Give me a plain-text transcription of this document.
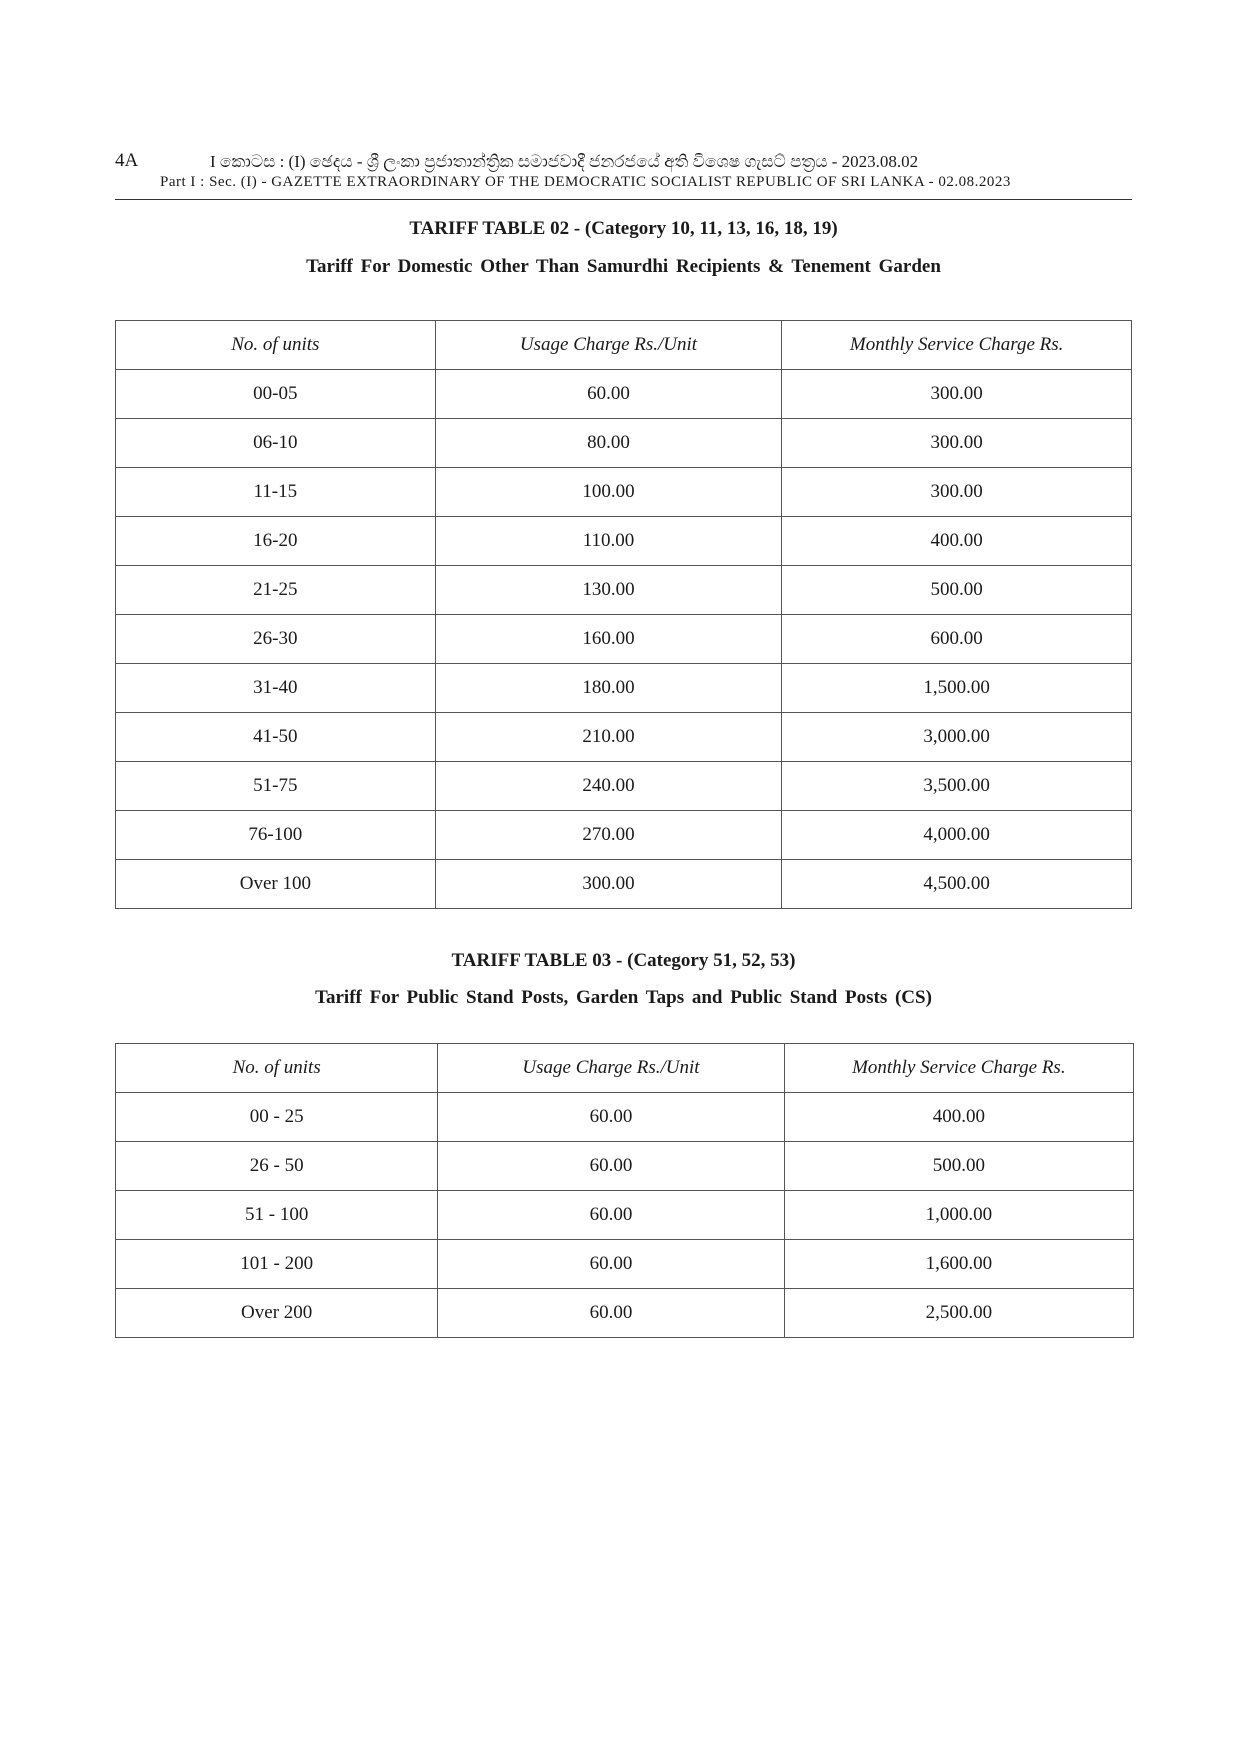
4A	I කොටස : (I) ඡෙදය - ශ්‍රී ලංකා ප්‍රජාතාන්ත්‍රික සමාජවාදී ජනරජයේ අති විශෙෂ ගැසට් පත්‍රය - 2023.08.02
Part I : Sec. (I) - GAZETTE EXTRAORDINARY OF THE DEMOCRATIC SOCIALIST REPUBLIC OF SRI LANKA - 02.08.2023
TARIFF TABLE 02 - (Category 10, 11, 13, 16, 18, 19)
Tariff For Domestic Other Than Samurdhi Recipients & Tenement Garden
No. of units	Usage Charge Rs./Unit	Monthly Service Charge Rs.
00-05	60.00	300.00
06-10	80.00	300.00
11-15	100.00	300.00
16-20	110.00	400.00
21-25	130.00	500.00
26-30	160.00	600.00
31-40	180.00	1,500.00
41-50	210.00	3,000.00
51-75	240.00	3,500.00
76-100	270.00	4,000.00
Over 100	300.00	4,500.00
TARIFF TABLE 03 - (Category 51, 52, 53)
Tariff For Public Stand Posts, Garden Taps and Public Stand Posts (CS)
No. of units	Usage Charge Rs./Unit	Monthly Service Charge Rs.
00 - 25	60.00	400.00
26 - 50	60.00	500.00
51 - 100	60.00	1,000.00
101 - 200	60.00	1,600.00
Over 200	60.00	2,500.00
